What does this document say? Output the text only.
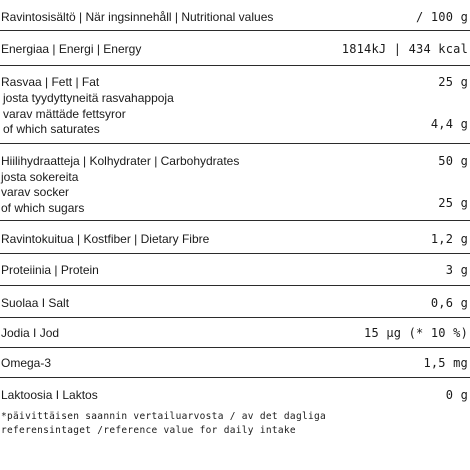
Ravintosisältö | När ingsinnehåll | Nutritional values	/ 100 g
Energiaa | Energi | Energy	1814kJ | 434 kcal
Rasvaa | Fett | Fat	25 g
josta tyydyttyneitä rasvahappoja
varav mättäde fettsyror
of which saturates	4,4 g
Hiilihydraatteja | Kolhydrater | Carbohydrates	50 g
josta sokereita
varav socker
of which sugars	25 g
Ravintokuitua | Kostfiber | Dietary Fibre	1,2 g
Proteiinia | Protein	3 g
Suolaa I Salt	0,6 g
Jodia I Jod	15 µg (* 10 %)
Omega-3	1,5 mg
Laktoosia I Laktos	0 g
*päivittäisen saannin vertailuarvosta / av det dagliga
referensintaget /reference value for daily intake
